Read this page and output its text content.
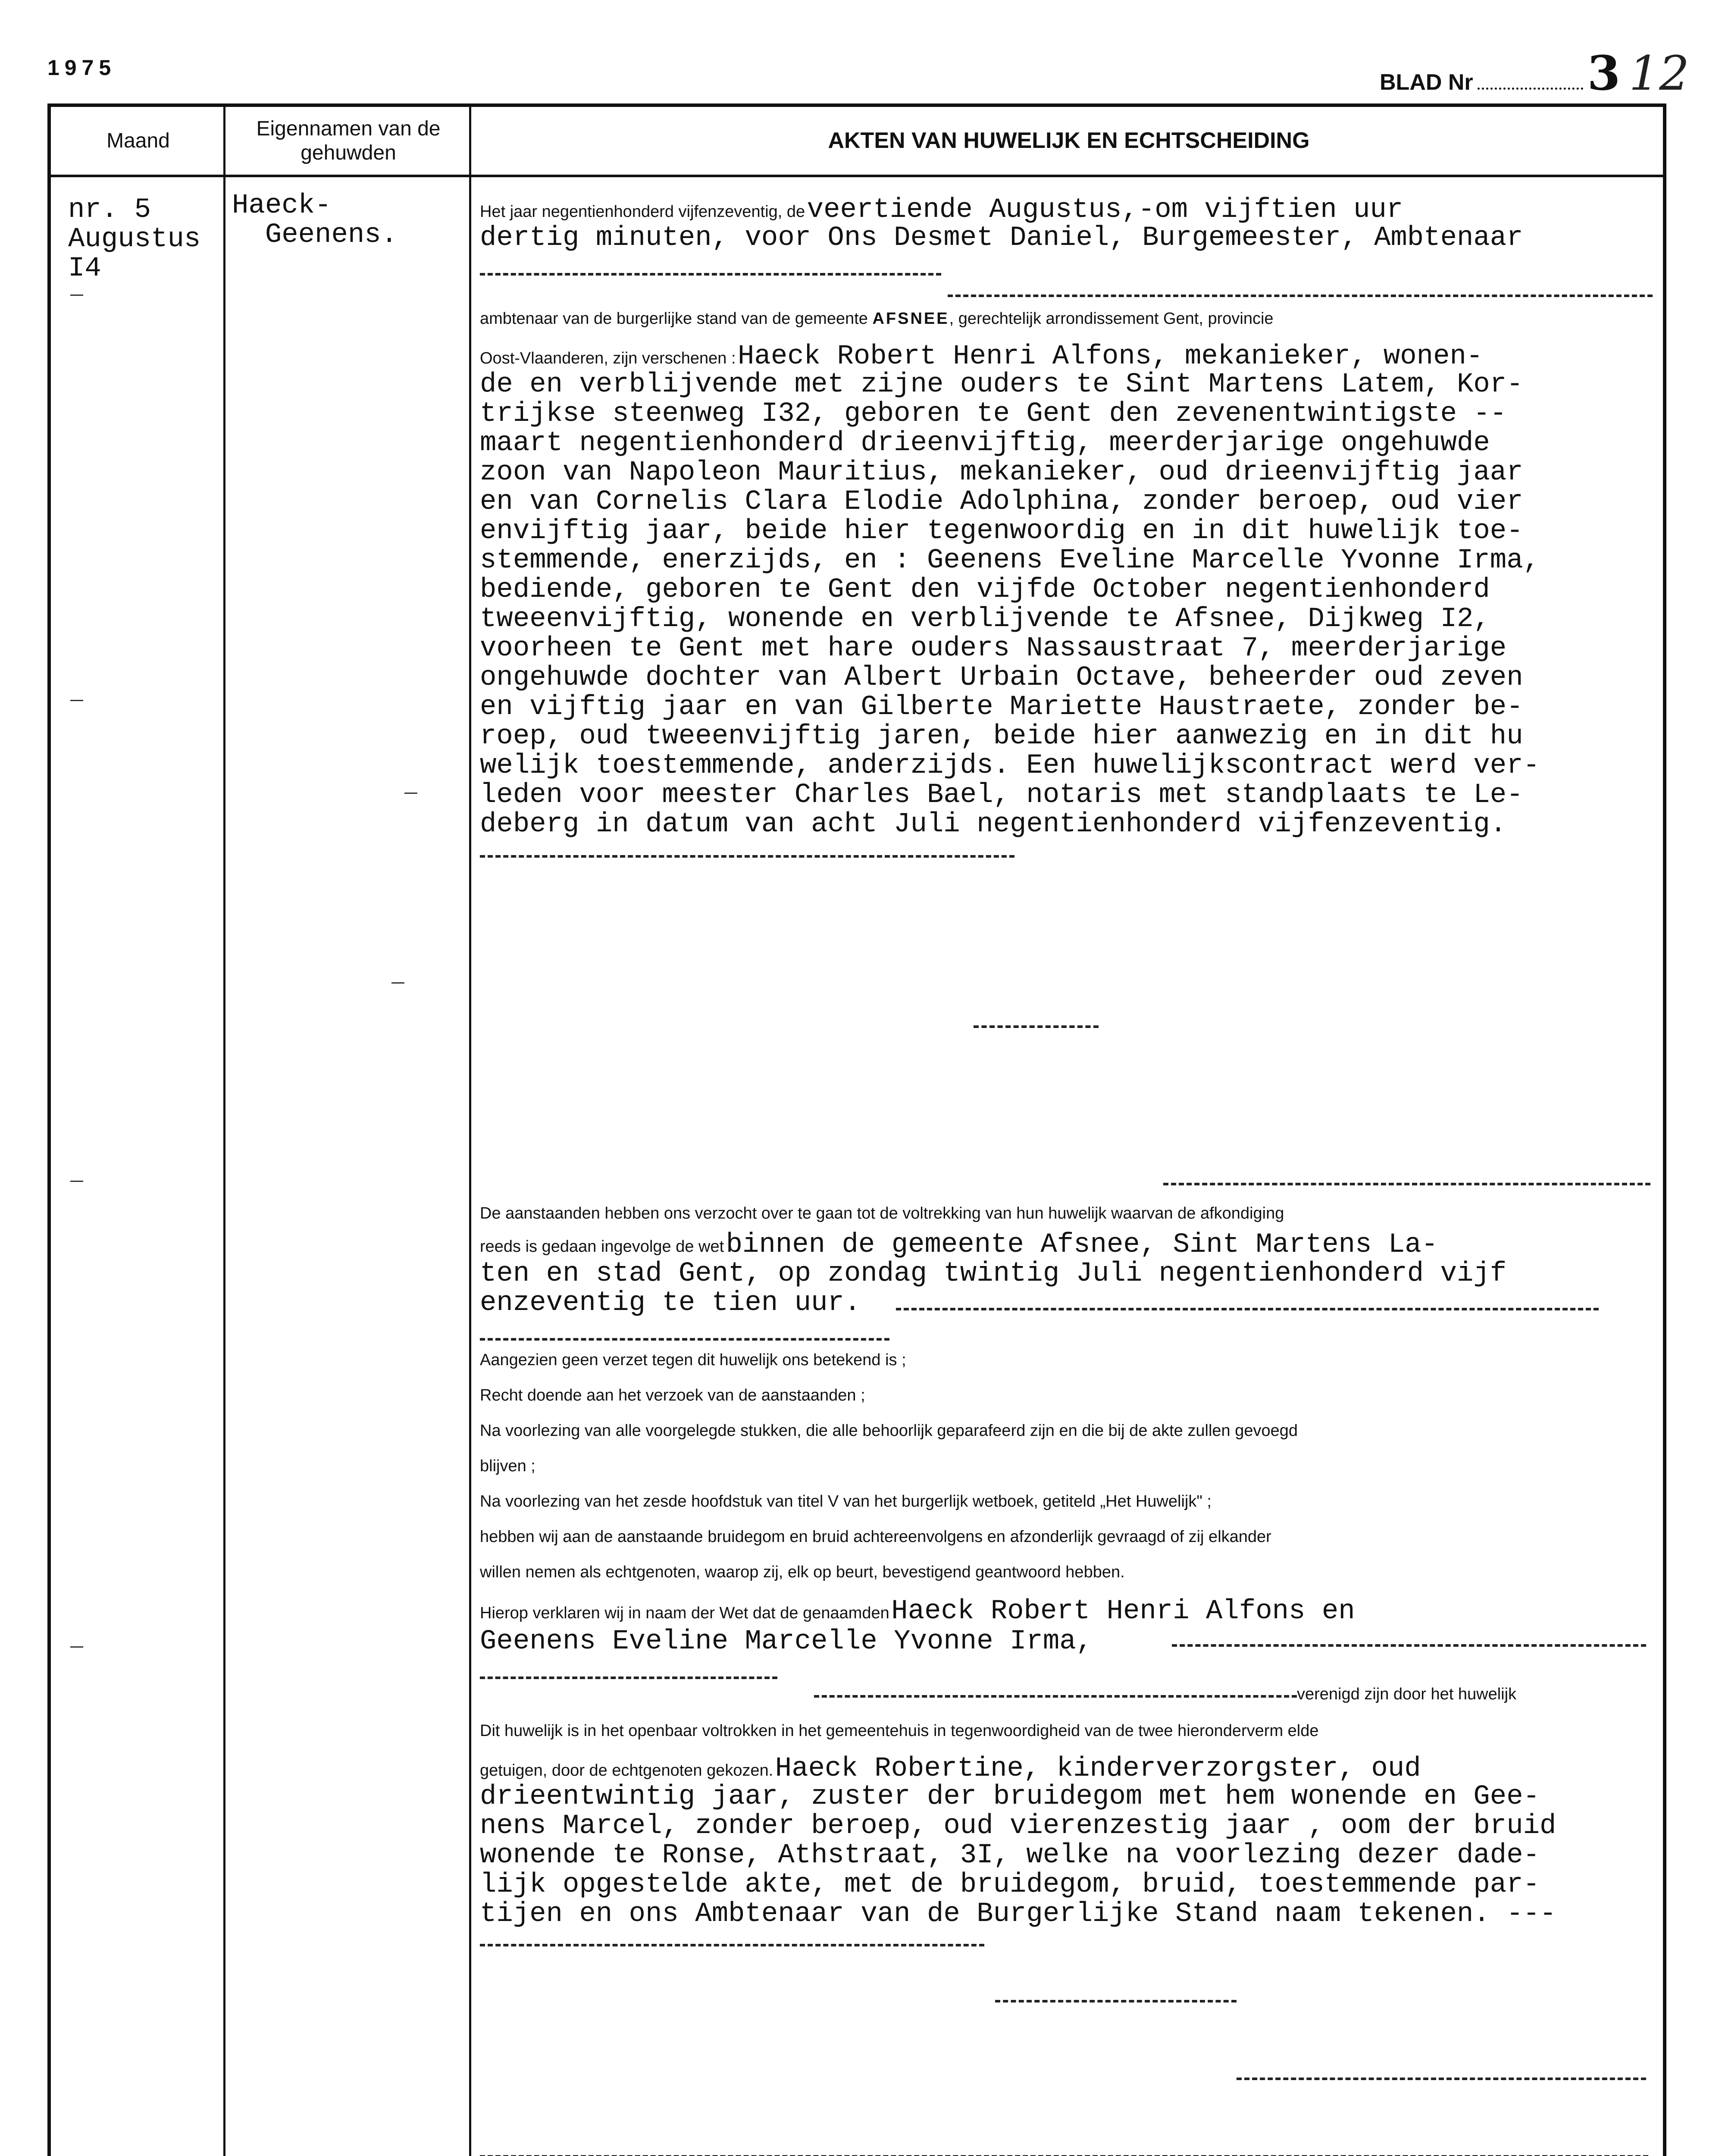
1975
BLAD Nr 3 12
Maand
Eigennamen van de gehuwden	AKTEN VAN HUWELIJK EN ECHTSCHEIDING
nr. 5
Augustus
I4
Haeck-
Geenens.
Het jaar negentienhonderd vijfenzeventig, de veertiende Augustus,-om vijftien uur
dertig minuten, voor Ons Desmet Daniel, Burgemeester, Ambtenaar
ambtenaar van de burgerlijke stand van de gemeente AFSNEE, gerechtelijk arrondissement Gent, provincie
Oost-Vlaanderen, zijn verschenen : Haeck Robert Henri Alfons, mekanieker, wonen-
de en verblijvende met zijne ouders te Sint Martens Latem, Kor-
trijkse steenweg I32, geboren te Gent den zevenentwintigste --
maart negentienhonderd drieenvijftig, meerderjarige ongehuwde
zoon van Napoleon Mauritius, mekanieker, oud drieenvijftig jaar
en van Cornelis Clara Elodie Adolphina, zonder beroep, oud vier
envijftig jaar, beide hier tegenwoordig en in dit huwelijk toe-
stemmende, enerzijds, en : Geenens Eveline Marcelle Yvonne Irma,
bediende, geboren te Gent den vijfde October negentienhonderd
tweeenvijftig, wonende en verblijvende te Afsnee, Dijkweg I2,
voorheen te Gent met hare ouders Nassaustraat 7, meerderjarige
ongehuwde dochter van Albert Urbain Octave, beheerder oud zeven
en vijftig jaar en van Gilberte Mariette Haustraete, zonder be-
roep, oud tweeenvijftig jaren, beide hier aanwezig en in dit hu
welijk toestemmende, anderzijds. Een huwelijkscontract werd ver-
leden voor meester Charles Bael, notaris met standplaats te Le-
deberg in datum van acht Juli negentienhonderd vijfenzeventig.
De aanstaanden hebben ons verzocht over te gaan tot de voltrekking van hun huwelijk waarvan de afkondiging
reeds is gedaan ingevolge de wet binnen de gemeente Afsnee, Sint Martens La-
ten en stad Gent, op zondag twintig Juli negentienhonderd vijf
enzeventig te tien uur.
Aangezien geen verzet tegen dit huwelijk ons betekend is ;
Recht doende aan het verzoek van de aanstaanden ;
Na voorlezing van alle voorgelegde stukken, die alle behoorlijk geparafeerd zijn en die bij de akte zullen gevoegd
blijven ;
Na voorlezing van het zesde hoofdstuk van titel V van het burgerlijk wetboek, getiteld „Het Huwelijk" ;
hebben wij aan de aanstaande bruidegom en bruid achtereenvolgens en afzonderlijk gevraagd of zij elkander
willen nemen als echtgenoten, waarop zij, elk op beurt, bevestigend geantwoord hebben.
Hierop verklaren wij in naam der Wet dat de genaamden Haeck Robert Henri Alfons en
Geenens Eveline Marcelle Yvonne Irma,
verenigd zijn door het huwelijk
Dit huwelijk is in het openbaar voltrokken in het gemeentehuis in tegenwoordigheid van de twee hieronderverm elde
getuigen, door de echtgenoten gekozen. Haeck Robertine, kinderverzorgster, oud
drieentwintig jaar, zuster der bruidegom met hem wonende en Gee-
nens Marcel, zonder beroep, oud vierenzestig jaar , oom der bruid
wonende te Ronse, Athstraat, 3I, welke na voorlezing dezer dade-
lijk opgestelde akte, met de bruidegom, bruid, toestemmende par-
tijen en ons Ambtenaar van de Burgerlijke Stand naam tekenen. ---
